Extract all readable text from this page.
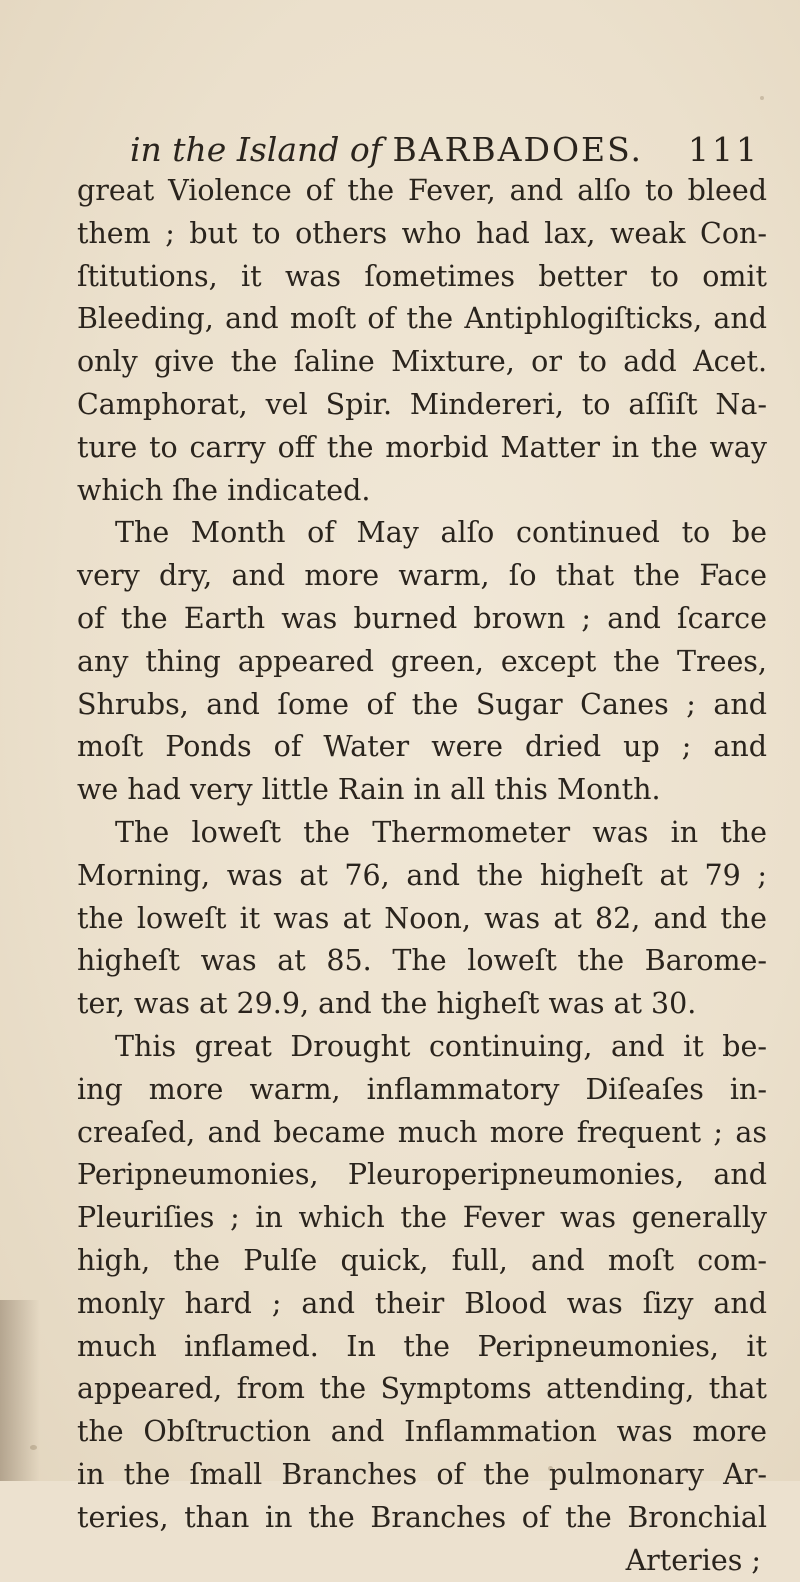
in the Island of BARBADOES. 111
great Violence of the Fever, and alſo to bleed
them ; but to others who had lax, weak Con-
ſtitutions, it was ſometimes better to omit
Bleeding, and moſt of the Antiphlogiſticks, and
only give the ſaline Mixture, or to add Acet.
Camphorat, vel Spir. Mindereri, to aſſiſt Na-
ture to carry off the morbid Matter in the way
which ſhe indicated.
The Month of May alſo continued to be
very dry, and more warm, ſo that the Face
of the Earth was burned brown ; and ſcarce
any thing appeared green, except the Trees,
Shrubs, and ſome of the Sugar Canes ; and
moſt Ponds of Water were dried up ; and
we had very little Rain in all this Month.
The loweſt the Thermometer was in the
Morning, was at 76, and the higheſt at 79 ;
the loweſt it was at Noon, was at 82, and the
higheſt was at 85. The loweſt the Barome-
ter, was at 29.9, and the higheſt was at 30.
This great Drought continuing, and it be-
ing more warm, inflammatory Diſeaſes in-
creaſed, and became much more frequent ; as
Peripneumonies, Pleuroperipneumonies, and
Pleuriſies ; in which the Fever was generally
high, the Pulſe quick, full, and moſt com-
monly hard ; and their Blood was ſizy and
much inflamed. In the Peripneumonies, it
appeared, from the Symptoms attending, that
the Obſtruction and Inflammation was more
in the ſmall Branches of the pulmonary Ar-
teries, than in the Branches of the Bronchial
Arteries ;
